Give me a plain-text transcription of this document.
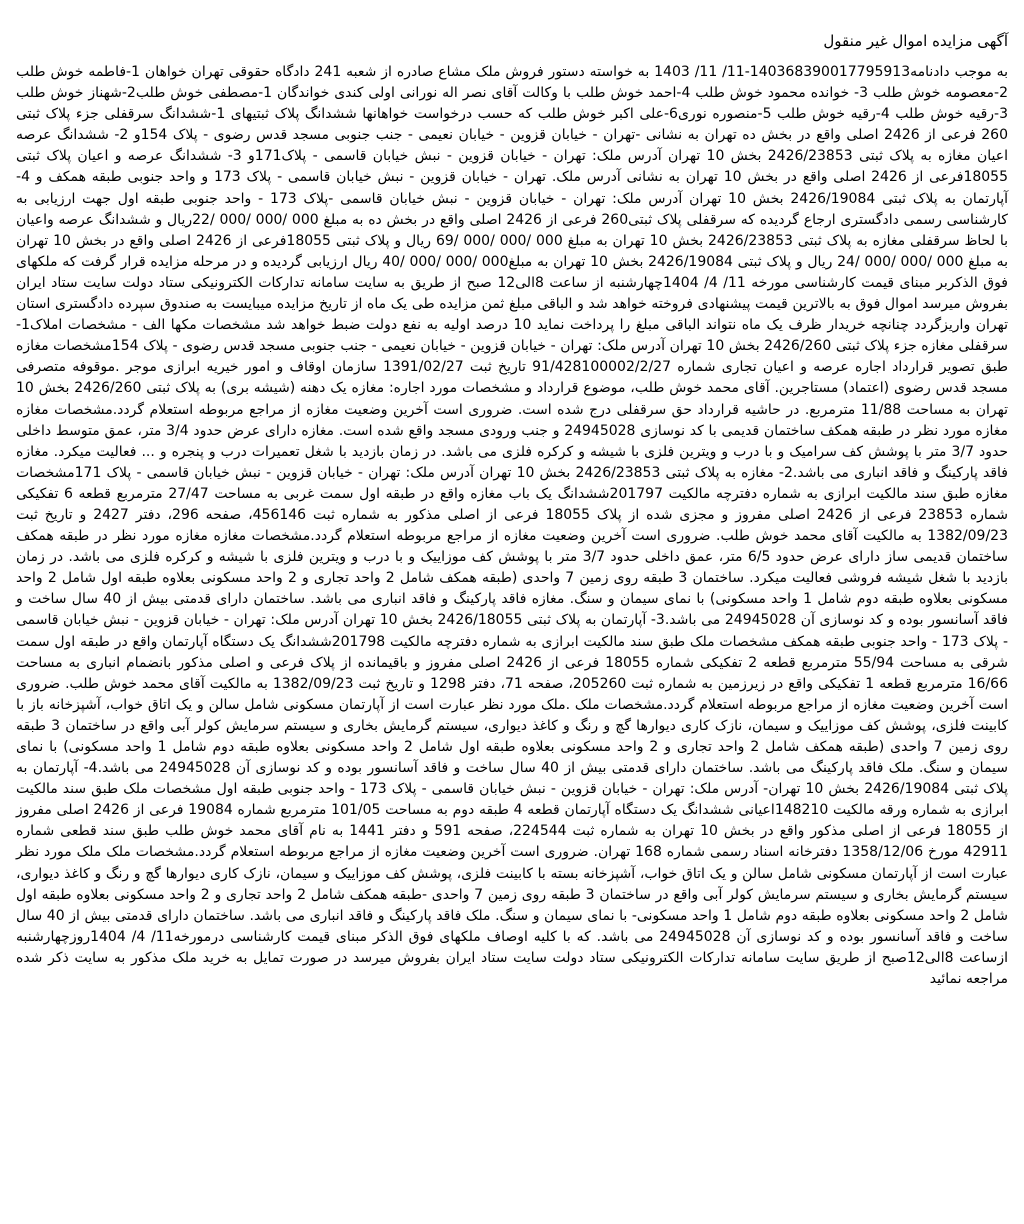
آگهی مزایده اموال غیر منقول

به موجب دادنامه140368390017795913-11/ 11/ 1403 به خواسته دستور فروش ملک مشاع صادره از شعبه 241 دادگاه حقوقی تهران خواهان 1-فاطمه خوش طلب 2-معصومه خوش طلب 3- خوانده محمود خوش طلب 4-احمد خوش طلب با وکالت آقای نصر اله نورانی اولی کندی خواندگان 1-مصطفی خوش طلب2-شهناز خوش طلب 3-رقیه خوش طلب 4-رقیه خوش طلب 5-منصوره نوری6-علی اکبر خوش طلب که حسب درخواست خواهانها ششدانگ پلاک ثبتیهای 1-ششدانگ سرقفلی جزء پلاک ثبتی 260 فرعی از 2426 اصلی واقع در بخش ده تهران به نشانی -تهران - خیابان قزوین - خیابان نعیمی - جنب جنوبی مسجد قدس رضوی - پلاک 154و 2- ششدانگ عرصه اعیان مغازه به پلاک ثبتی 2426/23853 بخش 10 تهران آدرس ملک: تهران - خیابان قزوین - نبش خیابان قاسمی - پلاک171و 3- ششدانگ عرصه و اعیان پلاک ثبتی 18055فرعی از 2426 اصلی واقع در بخش 10 تهران به نشانی آدرس ملک. تهران - خیابان قزوین - نبش خیابان قاسمی - پلاک 173 و واحد جنوبی طبقه همکف و 4- آپارتمان به پلاک ثبتی 2426/19084 بخش 10 تهران آدرس ملک: تهران - خیابان قزوین - نبش خیابان قاسمی -پلاک 173 - واحد جنوبی طبقه اول جهت ارزیابی به کارشناسی رسمی دادگستری ارجاع گردیده که سرقفلی پلاک ثبتی260 فرعی از 2426 اصلی واقع در بخش ده به مبلغ 000 /000 /000 /22ریال و ششدانگ عرصه واعیان با لحاظ سرقفلی مغازه به پلاک ثبتی 2426/23853 بخش 10 تهران به مبلغ 000 /000 /000 /69 ریال و پلاک ثبتی 18055فرعی از 2426 اصلی واقع در بخش 10 تهران به مبلغ 000 /000 /000 /24 ریال و پلاک ثبتی 2426/19084 بخش 10 تهران به مبلغ000 /000 /000 /40 ریال ارزیابی گردیده و در مرحله مزایده قرار گرفت که ملکهای فوق الذکربر مبنای قیمت کارشناسی مورخه 11/ 4/ 1404چهارشنبه از ساعت 8الی12 صبح از طریق به سایت سامانه تدارکات الکترونیکی ستاد دولت سایت ستاد ایران بفروش میرسد اموال فوق به بالاترین قیمت پیشنهادی فروخته خواهد شد و الباقی مبلغ ثمن مزایده طی یک ماه از تاریخ مزایده میبایست به صندوق سپرده دادگستری استان تهران واریزگردد چنانچه خریدار ظرف یک ماه نتواند الباقی مبلغ را پرداخت نماید 10 درصد اولیه به نفع دولت ضبط خواهد شد مشخصات مکها الف - مشخصات املاک1- سرقفلی مغازه جزء پلاک ثبتی 2426/260 بخش 10 تهران آدرس ملک: تهران - خیابان قزوین - خیابان نعیمی - جنب جنوبی مسجد قدس رضوی - پلاک 154مشخصات مغازه طبق تصویر قرارداد اجاره عرصه و اعیان تجاری شماره 91/428100002/2/27 تاریخ ثبت 1391/02/27 سازمان اوقاف و امور خیریه ابرازی موجر .موقوفه متصرفی مسجد قدس رضوی (اعتماد) مستاجرین. آقای محمد خوش طلب، موضوع قرارداد و مشخصات مورد اجاره: مغازه یک دهنه (شیشه بری) به پلاک ثبتی 2426/260 بخش 10 تهران به مساحت 11/88 مترمربع. در حاشیه قرارداد حق سرقفلی درج شده است. ضروری است آخرین وضعیت مغازه از مراجع مربوطه استعلام گردد.مشخصات مغازه مغازه مورد نظر در طبقه همکف ساختمان قدیمی با کد نوسازی 24945028 و جنب ورودی مسجد واقع شده است. مغازه دارای عرض حدود 3/4 متر، عمق متوسط داخلی حدود 3/7 متر با پوشش کف سرامیک و با درب و ویترین فلزی با شیشه و کرکره فلزی می باشد. در زمان بازدید با شغل تعمیرات درب و پنجره و ... فعالیت میکرد. مغازه فاقد پارکینگ و فاقد انباری می باشد.2- مغازه به پلاک ثبتی 2426/23853 بخش 10 تهران آدرس ملک: تهران - خیابان قزوین - نبش خیابان قاسمی - پلاک 171مشخصات مغازه طبق سند مالکیت ابرازی به شماره دفترچه مالکیت 201797ششدانگ یک باب مغازه واقع در طبقه اول سمت غربی به مساحت 27/47 مترمربع قطعه 6 تفکیکی شماره 23853 فرعی از 2426 اصلی مفروز و مجزی شده از پلاک 18055 فرعی از اصلی مذکور به شماره ثبت 456146، صفحه 296، دفتر 2427 و تاریخ ثبت 1382/09/23 به مالکیت آقای محمد خوش طلب. ضروری است آخرین وضعیت مغازه از مراجع مربوطه استعلام گردد.مشخصات مغازه مغازه مورد نظر در طبقه همکف ساختمان قدیمی ساز دارای عرض حدود 6/5 متر، عمق داخلی حدود 3/7 متر با پوشش کف موزاییک و با درب و ویترین فلزی با شیشه و کرکره فلزی می باشد. در زمان بازدید با شغل شیشه فروشی فعالیت میکرد. ساختمان 3 طبقه روی زمین 7 واحدی (طبقه همکف شامل 2 واحد تجاری و 2 واحد مسکونی بعلاوه طبقه اول شامل 2 واحد مسکونی بعلاوه طبقه دوم شامل 1 واحد مسکونی) با نمای سیمان و سنگ. مغازه فاقد پارکینگ و فاقد انباری می باشد. ساختمان دارای قدمتی بیش از 40 سال ساخت و فاقد آسانسور بوده و کد نوسازی آن 24945028 می باشد.3- آپارتمان به پلاک ثبتی 2426/18055 بخش 10 تهران آدرس ملک: تهران - خیابان قزوین - نبش خیابان قاسمی - پلاک 173 - واحد جنوبی طبقه همکف مشخصات ملک طبق سند مالکیت ابرازی به شماره دفترچه مالکیت 201798ششدانگ یک دستگاه آپارتمان واقع در طبقه اول سمت شرقی به مساحت 55/94 مترمربع قطعه 2 تفکیکی شماره 18055 فرعی از 2426 اصلی مفروز و باقیمانده از پلاک فرعی و اصلی مذکور بانضمام انباری به مساحت 16/66 مترمربع قطعه 1 تفکیکی واقع در زیرزمین به شماره ثبت 205260، صفحه 71، دفتر 1298 و تاریخ ثبت 1382/09/23 به مالکیت آقای محمد خوش طلب. ضروری است آخرین وضعیت مغازه از مراجع مربوطه استعلام گردد.مشخصات ملک .ملک مورد نظر عبارت است از آپارتمان مسکونی شامل سالن و یک اتاق خواب، آشپزخانه باز با کابینت فلزی، پوشش کف موزاییک و سیمان، نازک کاری دیوارها گچ و رنگ و کاغذ دیواری، سیستم گرمایش بخاری و سیستم سرمایش کولر آبی واقع در ساختمان 3 طبقه روی زمین 7 واحدی (طبقه همکف شامل 2 واحد تجاری و 2 واحد مسکونی بعلاوه طبقه اول شامل 2 واحد مسکونی بعلاوه طبقه دوم شامل 1 واحد مسکونی) با نمای سیمان و سنگ. ملک فاقد پارکینگ می باشد. ساختمان دارای قدمتی بیش از 40 سال ساخت و فاقد آسانسور بوده و کد نوسازی آن 24945028 می باشد.4- آپارتمان به پلاک ثبتی 2426/19084 بخش 10 تهران- آدرس ملک: تهران - خیابان قزوین - نبش خیابان قاسمی - پلاک 173 - واحد جنوبی طبقه اول مشخصات ملک طبق سند مالکیت ابرازی به شماره ورقه مالکیت 148210اعیانی ششدانگ یک دستگاه آپارتمان قطعه 4 طبقه دوم به مساحت 101/05 مترمربع شماره 19084 فرعی از 2426 اصلی مفروز از 18055 فرعی از اصلی مذکور واقع در بخش 10 تهران به شماره ثبت 224544، صفحه 591 و دفتر 1441 به نام آقای محمد خوش طلب طبق سند قطعی شماره 42911 مورخ 1358/12/06 دفترخانه اسناد رسمی شماره 168 تهران. ضروری است آخرین وضعیت مغازه از مراجع مربوطه استعلام گردد.مشخصات ملک ملک مورد نظر عبارت است از آپارتمان مسکونی شامل سالن و یک اتاق خواب، آشپزخانه بسته با کابینت فلزی، پوشش کف موزاییک و سیمان، نازک کاری دیوارها گچ و رنگ و کاغذ دیواری، سیستم گرمایش بخاری و سیستم سرمایش کولر آبی واقع در ساختمان 3 طبقه روی زمین 7 واحدی -طبقه همکف شامل 2 واحد تجاری و 2 واحد مسکونی بعلاوه طبقه اول شامل 2 واحد مسکونی بعلاوه طبقه دوم شامل 1 واحد مسکونی- با نمای سیمان و سنگ. ملک فاقد پارکینگ و فاقد انباری می باشد. ساختمان دارای قدمتی بیش از 40 سال ساخت و فاقد آسانسور بوده و کد نوسازی آن 24945028 می باشد. که با کلیه اوصاف ملکهای فوق الذکر مبنای قیمت کارشناسی درمورخه11/ 4/ 1404روزچهارشنبه ازساعت 8الی12صبح از طریق سایت سامانه تدارکات الکترونیکی ستاد دولت سایت ستاد ایران بفروش میرسد در صورت تمایل به خرید ملک مذکور به سایت ذکر شده مراجعه نمائید
